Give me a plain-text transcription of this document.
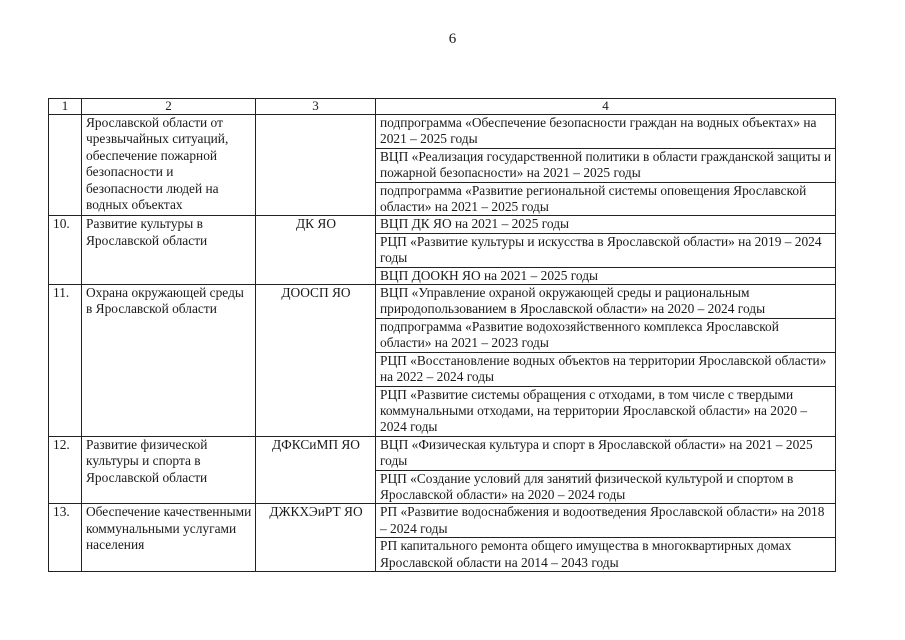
6
1	2	3	4
	Ярославской области от чрезвычайных ситуаций, обеспечение пожарной безопасности и безопасности людей на водных объектах		подпрограмма «Обеспечение безопасности граждан на водных объектах» на 2021 – 2025 годы
			ВЦП «Реализация государственной политики в области гражданской защиты и пожарной безопасности» на 2021 – 2025 годы
			подпрограмма «Развитие региональной системы оповещения Ярославской области» на 2021 – 2025 годы
10.	Развитие культуры в Ярославской области	ДК ЯО	ВЦП ДК ЯО на 2021 – 2025 годы
			РЦП «Развитие культуры и искусства в Ярославской области» на 2019 – 2024 годы
			ВЦП ДООКН ЯО на 2021 – 2025 годы
11.	Охрана окружающей среды в Ярославской области	ДООСП ЯО	ВЦП «Управление охраной окружающей среды и рациональным природопользованием в Ярославской области» на 2020 – 2024 годы
			подпрограмма «Развитие водохозяйственного комплекса Ярославской области» на 2021 – 2023 годы
			РЦП «Восстановление водных объектов на территории Ярославской области» на 2022 – 2024 годы
			РЦП «Развитие системы обращения с отходами, в том числе с твердыми коммунальными отходами, на территории Ярославской области» на 2020 – 2024 годы
12.	Развитие физической культуры и спорта в Ярославской области	ДФКСиМП ЯО	ВЦП «Физическая культура и спорт в Ярославской области» на 2021 – 2025 годы
			РЦП «Создание условий для занятий физической культурой и спортом в Ярославской области» на 2020 – 2024 годы
13.	Обеспечение качественными коммунальными услугами населения	ДЖКХЭиРТ ЯО	РП «Развитие водоснабжения и водоотведения Ярославской области» на 2018 – 2024 годы
			РП капитального ремонта общего имущества в многоквартирных домах Ярославской области на 2014 – 2043 годы
